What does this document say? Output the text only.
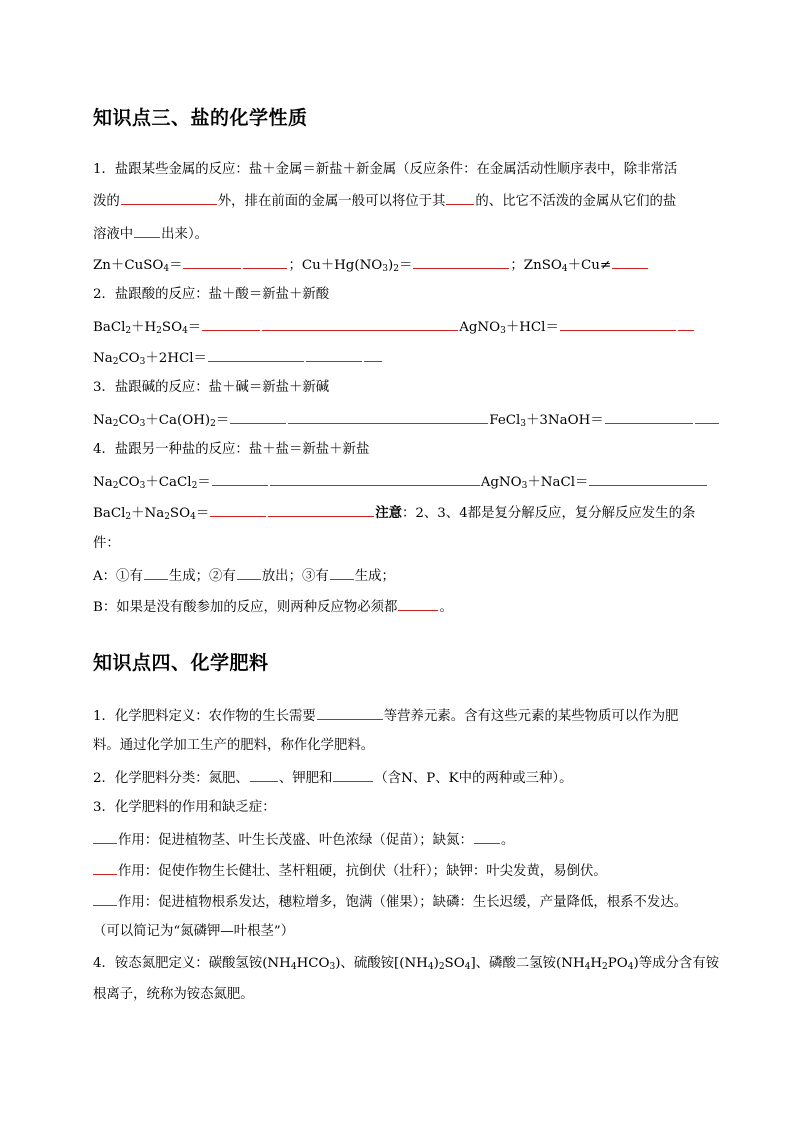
知识点三、盐的化学性质
1．盐跟某些金属的反应：盐＋金属＝新盐＋新金属（反应条件：在金属活动性顺序表中，除非常活
泼的	外，排在前面的金属一般可以将位于其 的、比它不活泼的金属从它们的盐
溶液中 出来）。
Zn＋CuSO$_4$＝	；$Cu+Hg(NO_3)_2=$	；ZnSO$_4$＋Cu≠
2．盐跟酸的反应：盐＋酸＝新盐＋新酸
$BaCl_2+H_2SO_4=$	AgNO$_3$＋HCl＝
$Na_2CO_3+2HCl=$
3．盐跟碱的反应：盐＋碱＝新盐＋新碱
$Na_2CO_3+Ca(OH)_2=$	FeCl$_3$＋3NaOH＝
4．盐跟另一种盐的反应：盐＋盐＝新盐＋新盐
$Na_2CO_3+CaCl_2=$	AgNO$_3$＋NaCl＝
$BaCl_2+Na_2SO_4=$	注意：2、3、4都是复分解反应，复分解反应发生的条
件：
A：①有 生成；②有 放出；③有 生成；
B：如果是没有酸参加的反应，则两种反应物必须都	。
知识点四、化学肥料
1．化学肥料定义：农作物的生长需要	等营养元素。含有这些元素的某些物质可以作为肥
料。通过化学加工生产的肥料，称作化学肥料。
2．化学肥料分类：氮肥、 、钾肥和	（含N、P、K中的两种或三种）。
3．化学肥料的作用和缺乏症：
作用：促进植物茎、叶生长茂盛、叶色浓绿（促苗）；缺氮： 。
作用：促使作物生长健壮、茎杆粗硬，抗倒伏（壮秆）；缺钾：叶尖发黄，易倒伏。
作用：促进植物根系发达，穗粒增多，饱满（催果）；缺磷：生长迟缓，产量降低，根系不发达。
（可以简记为“氮磷钾—叶根茎”）
4．铵态氮肥定义：碳酸氢铵$(NH_4HCO_3)$、硫酸铵$[(NH_4)_2SO_4]$、磷酸二氢铵$(NH_4H_2PO_4)$等成分含有铵
根离子，统称为铵态氮肥。
